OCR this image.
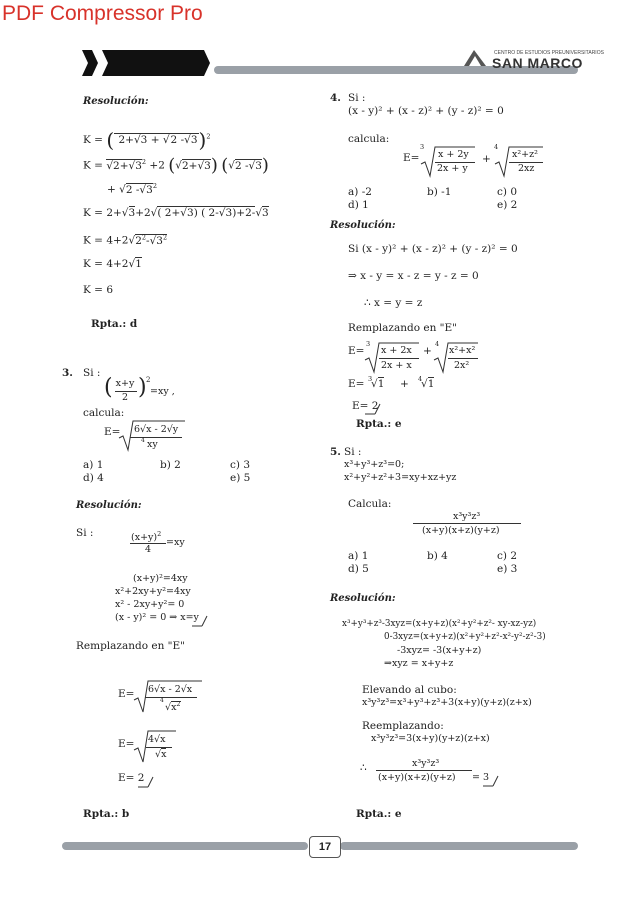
PDF Compressor Pro
CENTRO DE ESTUDIOS PREUNIVERSITARIOS
SAN MARCO
Resolución:
K = ( 2+√3 + √2 -√3)$^2$
$K = √2+√3^2 +2$ (√2+√3) (√2 -√3)
+ √2 $-√3^2$
K = 2+√3+2√( 2+√3) ( 2-√3)+2-√3
$K = 4+2√2^2-√3^2$
K = 4+2√1
K = 6
Rpta.: d
3. Si :
( x+y
2 ) 2
=xy ,
calcula:
E= 6√x - 2√y
4 xy
a) 1	b) 2	c) 3
d) 4	e) 5
Resolución:
Si :	$(x+y)^2$
4
=xy
(x+y)²=4xy
x²+2xy+y²=4xy
x² - 2xy+y²= 0
(x - y)² = 0 ⇒ x=y
Remplazando en "E"
E= 6√x - 2√x
4
$√x^2$
E= 4√x
√x
E= 2
Rpta.: b
4. Si :
(x - y)² + (x - z)² + (y - z)² = 0
calcula:
E=
3
x + 2y
2x + y
+
4
x²+z²
2xz
a) -2	b) -1	c) 0
d) 1	e) 2
Resolución:
Si (x - y)² + (x - z)² + (y - z)² = 0
⇒ x - y = x - z = y - z = 0
∴ x = y = z
Remplazando en "E"
E=
3
x + 2x
2x + x
+
4
x²+x²
2x²
E= 3
√1 + 4
√1
E= 2
Rpta.: e
5. Si :
x³+y³+z³=0;
x²+y²+z²+3=xy+xz+yz
Calcula:
x³y³z³
(x+y)(x+z)(y+z)
a) 1	b) 4	c) 2
d) 5	e) 3
Resolución:
x³+y³+z³-3xyz=(x+y+z)(x²+y²+z²- xy-xz-yz)
0-3xyz=(x+y+z)(x²+y²+z²-x²-y²-z²-3)
-3xyz= -3(x+y+z)
⇒xyz = x+y+z
Elevando al cubo:
x³y³z³=x³+y³+z³+3(x+y)(y+z)(z+x)
Reemplazando:
x³y³z³=3(x+y)(y+z)(z+x)
∴	x³y³z³
(x+y)(x+z)(y+z) = 3
Rpta.: e
17
